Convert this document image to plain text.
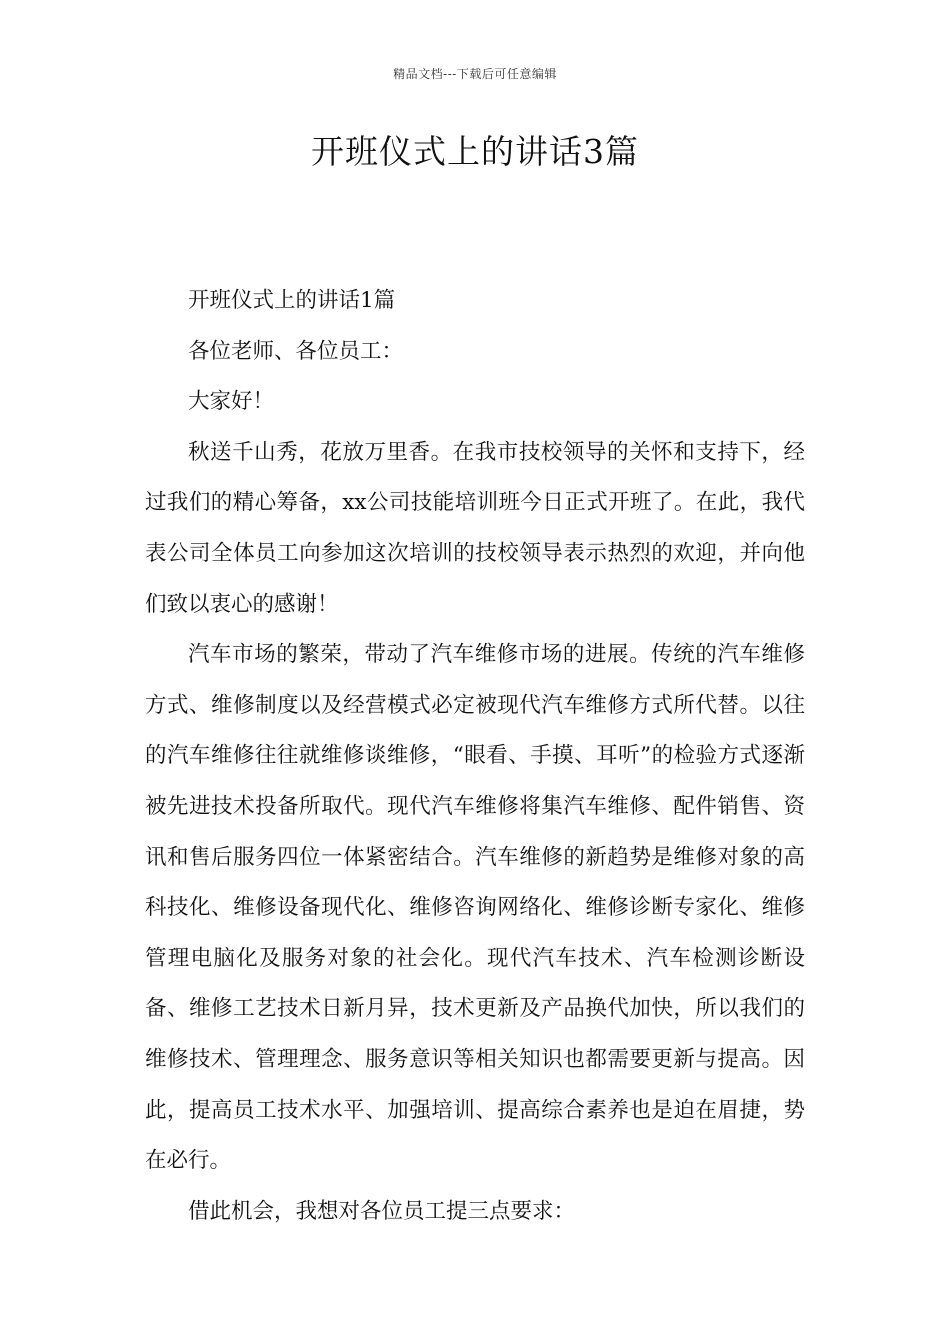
精品文档---下载后可任意编辑
开班仪式上的讲话3篇

开班仪式上的讲话1篇

各位老师、各位员工：

大家好！

秋送千山秀，花放万里香。在我市技校领导的关怀和支持下，经过我们的精心筹备，xx公司技能培训班今日正式开班了。在此，我代表公司全体员工向参加这次培训的技校领导表示热烈的欢迎，并向他们致以衷心的感谢！

汽车市场的繁荣，带动了汽车维修市场的进展。传统的汽车维修方式、维修制度以及经营模式必定被现代汽车维修方式所代替。以往的汽车维修往往就维修谈维修，“眼看、手摸、耳听”的检验方式逐渐被先进技术投备所取代。现代汽车维修将集汽车维修、配件销售、资讯和售后服务四位一体紧密结合。汽车维修的新趋势是维修对象的高科技化、维修设备现代化、维修咨询网络化、维修诊断专家化、维修管理电脑化及服务对象的社会化。现代汽车技术、汽车检测诊断设备、维修工艺技术日新月异，技术更新及产品换代加快，所以我们的维修技术、管理理念、服务意识等相关知识也都需要更新与提高。因此，提高员工技术水平、加强培训、提高综合素养也是迫在眉捷，势在必行。

借此机会，我想对各位员工提三点要求：
